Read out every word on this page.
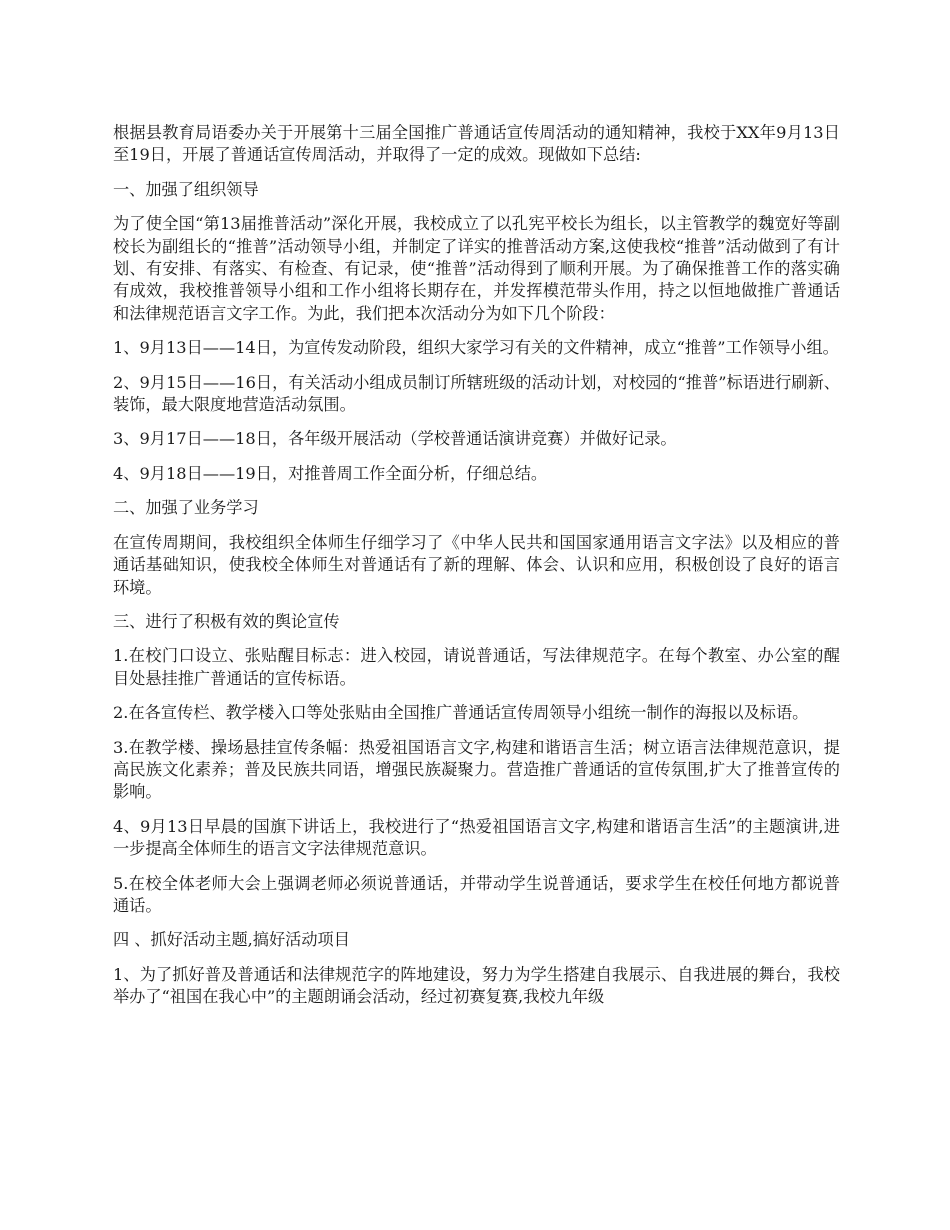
根据县教育局语委办关于开展第十三届全国推广普通话宣传周活动的通知精神，我校于XX年9月13日至19日，开展了普通话宣传周活动，并取得了一定的成效。现做如下总结:

一、加强了组织领导

为了使全国“第13届推普活动”深化开展，我校成立了以孔宪平校长为组长，以主管教学的魏宽好等副校长为副组长的“推普”活动领导小组，并制定了详实的推普活动方案,这使我校“推普”活动做到了有计划、有安排、有落实、有检查、有记录，使“推普”活动得到了顺利开展。为了确保推普工作的落实确有成效，我校推普领导小组和工作小组将长期存在，并发挥模范带头作用，持之以恒地做推广普通话和法律规范语言文字工作。为此，我们把本次活动分为如下几个阶段：

1、9月13日——14日，为宣传发动阶段，组织大家学习有关的文件精神，成立“推普”工作领导小组。

2、9月15日——16日，有关活动小组成员制订所辖班级的活动计划，对校园的“推普”标语进行刷新、装饰，最大限度地营造活动氛围。

3、9月17日——18日，各年级开展活动（学校普通话演讲竞赛）并做好记录。

4、9月18日——19日，对推普周工作全面分析，仔细总结。

二、加强了业务学习

在宣传周期间，我校组织全体师生仔细学习了《中华人民共和国国家通用语言文字法》以及相应的普通话基础知识，使我校全体师生对普通话有了新的理解、体会、认识和应用，积极创设了良好的语言环境。

三、进行了积极有效的舆论宣传

1.在校门口设立、张贴醒目标志：进入校园，请说普通话，写法律规范字。在每个教室、办公室的醒目处悬挂推广普通话的宣传标语。

2.在各宣传栏、教学楼入口等处张贴由全国推广普通话宣传周领导小组统一制作的海报以及标语。

3.在教学楼、操场悬挂宣传条幅：热爱祖国语言文字,构建和谐语言生活；树立语言法律规范意识，提高民族文化素养；普及民族共同语，增强民族凝聚力。营造推广普通话的宣传氛围,扩大了推普宣传的影响。

4、9月13日早晨的国旗下讲话上，我校进行了“热爱祖国语言文字,构建和谐语言生活”的主题演讲,进一步提高全体师生的语言文字法律规范意识。

5.在校全体老师大会上强调老师必须说普通话，并带动学生说普通话，要求学生在校任何地方都说普通话。

四 、抓好活动主题,搞好活动项目

1、为了抓好普及普通话和法律规范字的阵地建设，努力为学生搭建自我展示、自我进展的舞台，我校举办了“祖国在我心中”的主题朗诵会活动，经过初赛复赛,我校九年级
